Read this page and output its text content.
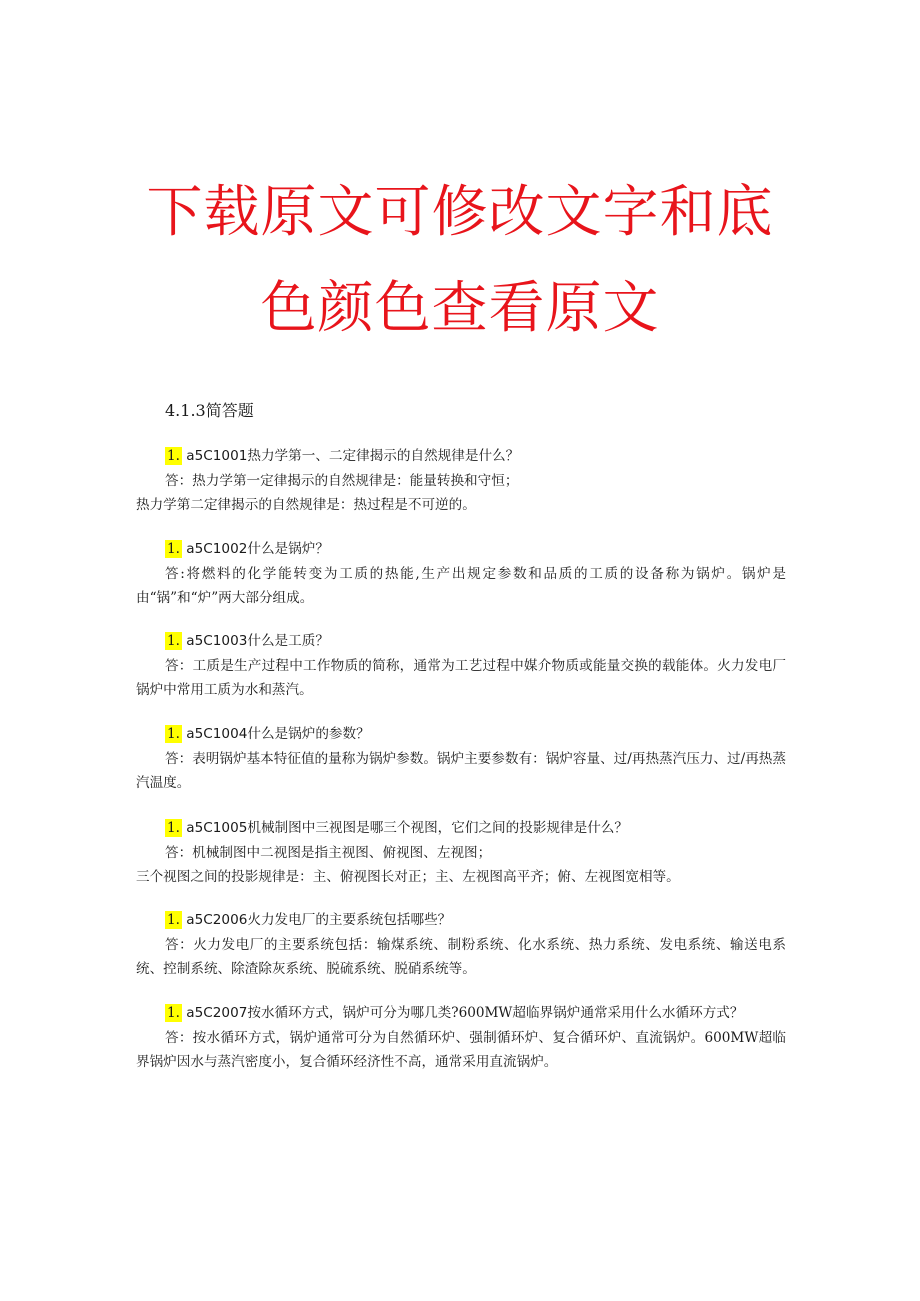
下载原文可修改文字和底
色颜色查看原文
4.1.3简答题
1. a5C1001热力学第一、二定律揭示的自然规律是什么？
答：热力学第一定律揭示的自然规律是：能量转换和守恒；
热力学第二定律揭示的自然规律是：热过程是不可逆的。
1. a5C1002什么是锅炉？
答:将燃料的化学能转变为工质的热能,生产出规定参数和品质的工质的设备称为锅炉。锅炉是由“锅”和“炉”两大部分组成。
1. a5C1003什么是工质？
答：工质是生产过程中工作物质的简称，通常为工艺过程中媒介物质或能量交换的载能体。火力发电厂锅炉中常用工质为水和蒸汽。
1. a5C1004什么是锅炉的参数？
答：表明锅炉基本特征值的量称为锅炉参数。锅炉主要参数有：锅炉容量、过/再热蒸汽压力、过/再热蒸汽温度。
1. a5C1005机械制图中三视图是哪三个视图，它们之间的投影规律是什么？
答：机械制图中二视图是指主视图、俯视图、左视图；
三个视图之间的投影规律是：主、俯视图长对正；主、左视图高平齐；俯、左视图宽相等。
1. a5C2006火力发电厂的主要系统包括哪些？
答：火力发电厂的主要系统包括：输煤系统、制粉系统、化水系统、热力系统、发电系统、输送电系统、控制系统、除渣除灰系统、脱硫系统、脱硝系统等。
1. a5C2007按水循环方式，锅炉可分为哪几类?600MW超临界锅炉通常采用什么水循环方式？
答：按水循环方式，锅炉通常可分为自然循环炉、强制循环炉、复合循环炉、直流锅炉。600MW超临界锅炉因水与蒸汽密度小，复合循环经济性不高，通常采用直流锅炉。
